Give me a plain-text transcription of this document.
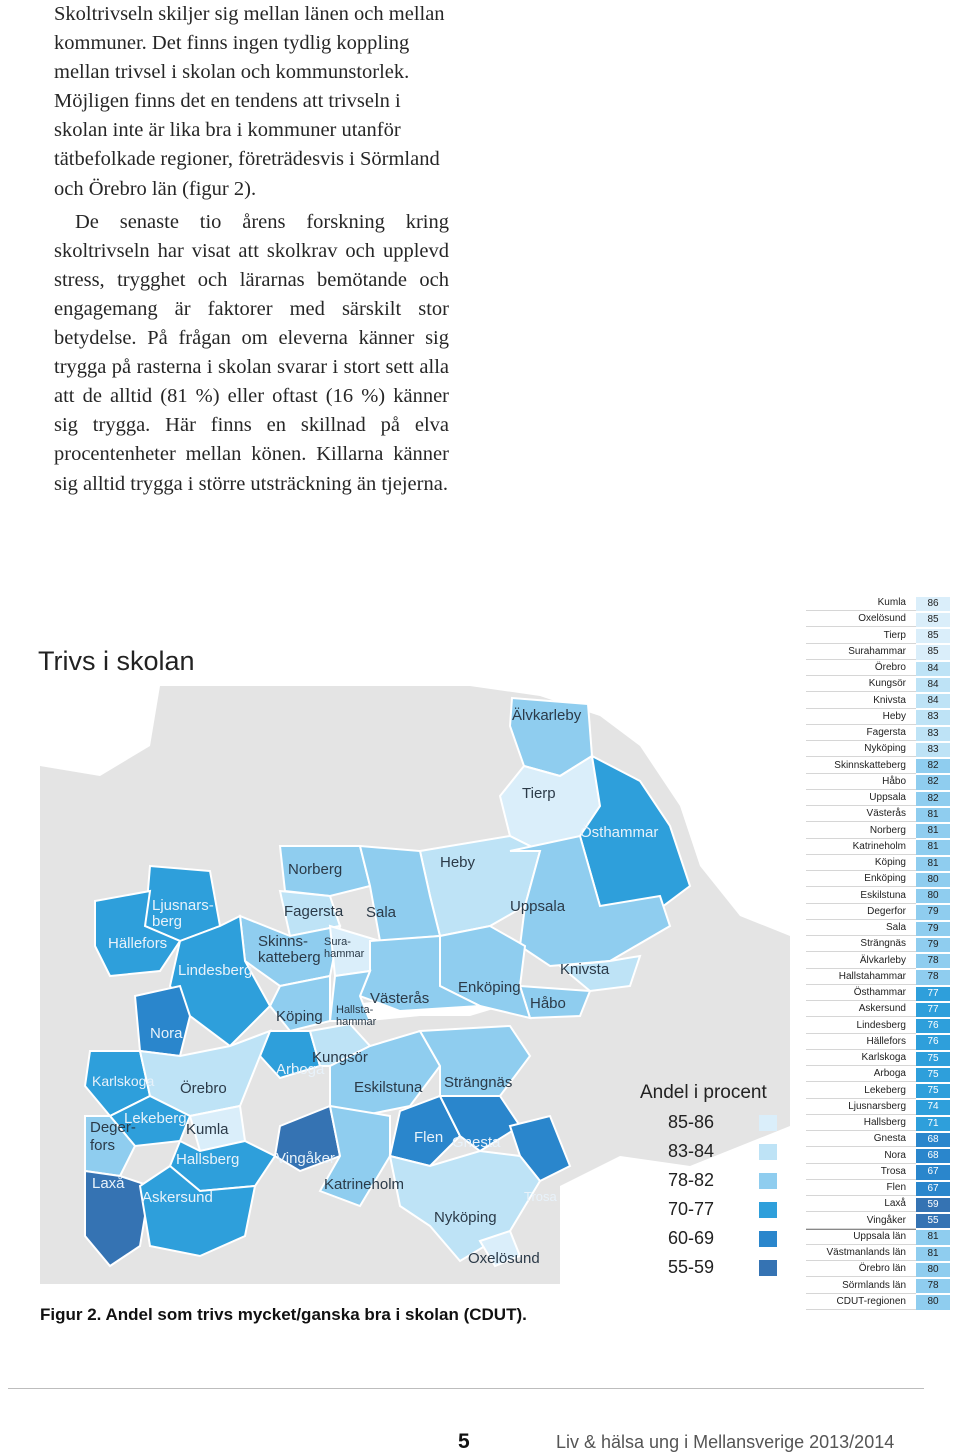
Skoltrivseln skiljer sig mellan länen och mellan kommuner. Det finns ingen tydlig koppling mellan trivsel i skolan och kommunstorlek. Möjligen finns det en tendens att trivseln i skolan inte är lika bra i kommuner utanför tätbefolkade regioner, företrädesvis i Sörmland och Örebro län (figur 2).

De senaste tio årens forskning kring skoltrivseln har visat att skolkrav och upplevd stress, trygghet och lärarnas bemötande och engagemang är faktorer med särskilt stor betydelse. På frågan om eleverna känner sig trygga på rasterna i skolan svarar i stort sett alla att de alltid (81 %) eller oftast (16 %) känner sig trygga. Här finns en skillnad på elva procentenheter mellan könen. Killarna känner sig alltid trygga i större utsträckning än tjejerna.

Trivs i skolan
Älvkarleby
Tierp
Östhammar
Heby
Uppsala
Knivsta
Håbo
Enköping
Norberg
Fagersta Sala
Skinns-
katteberg
Sura-
hammar
Västerås
Hallsta-
hammar
Köping
Arboga
Kungsör
Eskilstuna Strängnäs
Flen Gnesta
Vingåker
Katrineholm
Trosa
Nyköping
Oxelösund
Ljusnars-
berg
Hällefors
Lindesberg
Nora
Karlskoga Örebro
Lekeberg
Deger-
fors
Kumla
Hallsberg
Laxå
Askersund
Andel i procent
85-86
83-84
78-82
70-77
60-69
55-59
Kumla	86
Oxelösund	85
Tierp	85
Surahammar	85
Örebro	84
Kungsör	84
Knivsta	84
Heby	83
Fagersta	83
Nyköping	83
Skinnskatteberg	82
Håbo	82
Uppsala	82
Västerås	81
Norberg	81
Katrineholm	81
Köping	81
Enköping	80
Eskilstuna	80
Degerfor	79
Sala	79
Strängnäs	79
Älvkarleby	78
Hallstahammar	78
Östhammar	77
Askersund	77
Lindesberg	76
Hällefors	76
Karlskoga	75
Arboga	75
Lekeberg	75
Ljusnarsberg	74
Hallsberg	71
Gnesta	68
Nora	68
Trosa	67
Flen	67
Laxå	59
Vingåker	55
Uppsala län	81
Västmanlands län	81
Örebro län	80
Sörmlands län	78
CDUT-regionen	80
Figur 2. Andel som trivs mycket/ganska bra i skolan (CDUT).
5	Liv & hälsa ung i Mellansverige 2013/2014
